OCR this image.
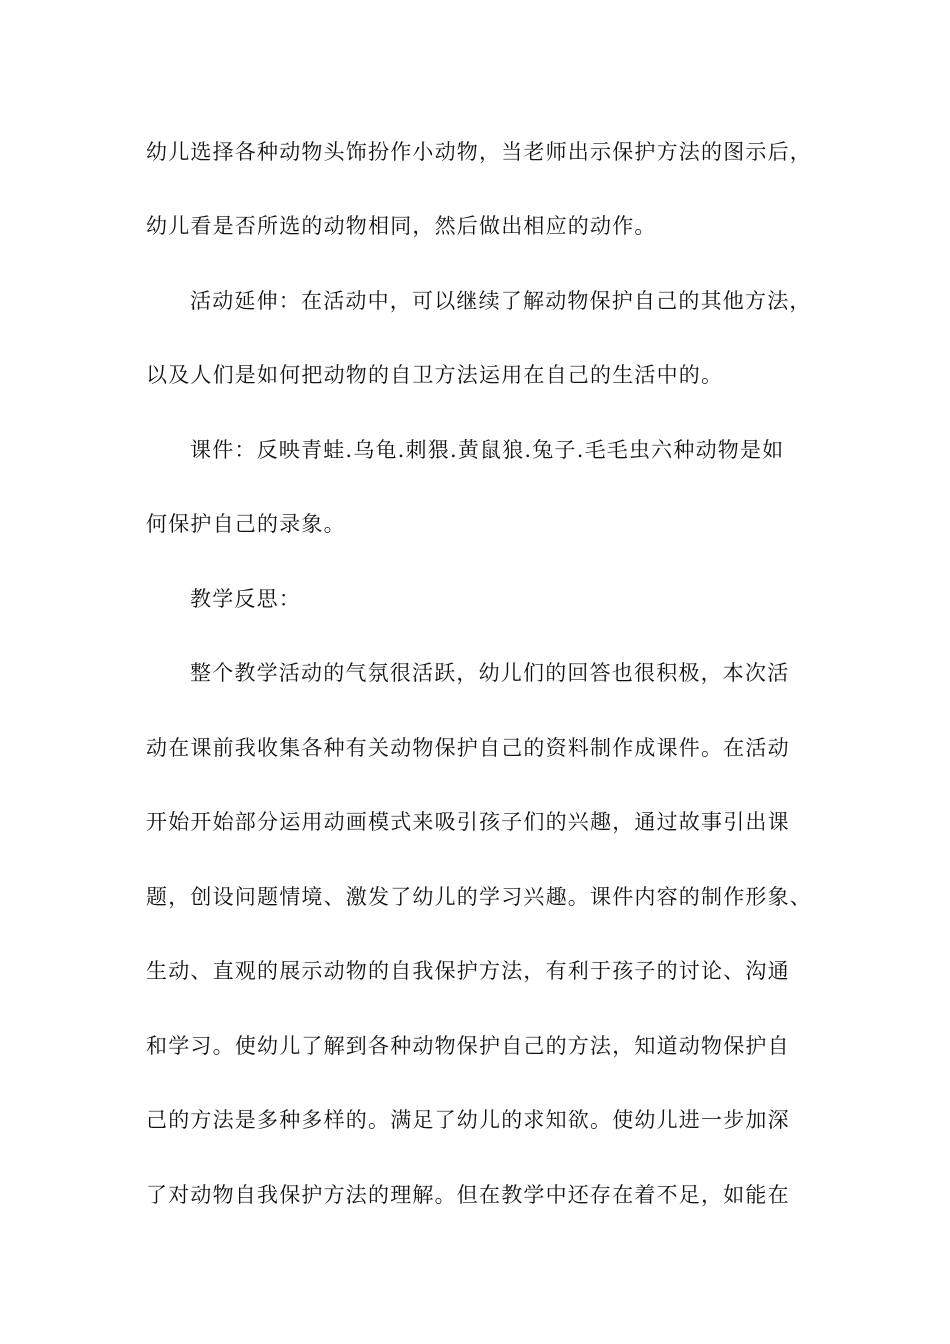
幼儿选择各种动物头饰扮作小动物，当老师出示保护方法的图示后，
幼儿看是否所选的动物相同，然后做出相应的动作。
活动延伸：在活动中，可以继续了解动物保护自己的其他方法，
以及人们是如何把动物的自卫方法运用在自己的生活中的。
课件：反映青蛙.乌龟.刺猥.黄鼠狼.兔子.毛毛虫六种动物是如
何保护自己的录象。
教学反思：
整个教学活动的气氛很活跃，幼儿们的回答也很积极，本次活
动在课前我收集各种有关动物保护自己的资料制作成课件。在活动
开始开始部分运用动画模式来吸引孩子们的兴趣，通过故事引出课
题，创设问题情境、激发了幼儿的学习兴趣。课件内容的制作形象、
生动、直观的展示动物的自我保护方法，有利于孩子的讨论、沟通
和学习。使幼儿了解到各种动物保护自己的方法，知道动物保护自
己的方法是多种多样的。满足了幼儿的求知欲。使幼儿进一步加深
了对动物自我保护方法的理解。但在教学中还存在着不足，如能在
